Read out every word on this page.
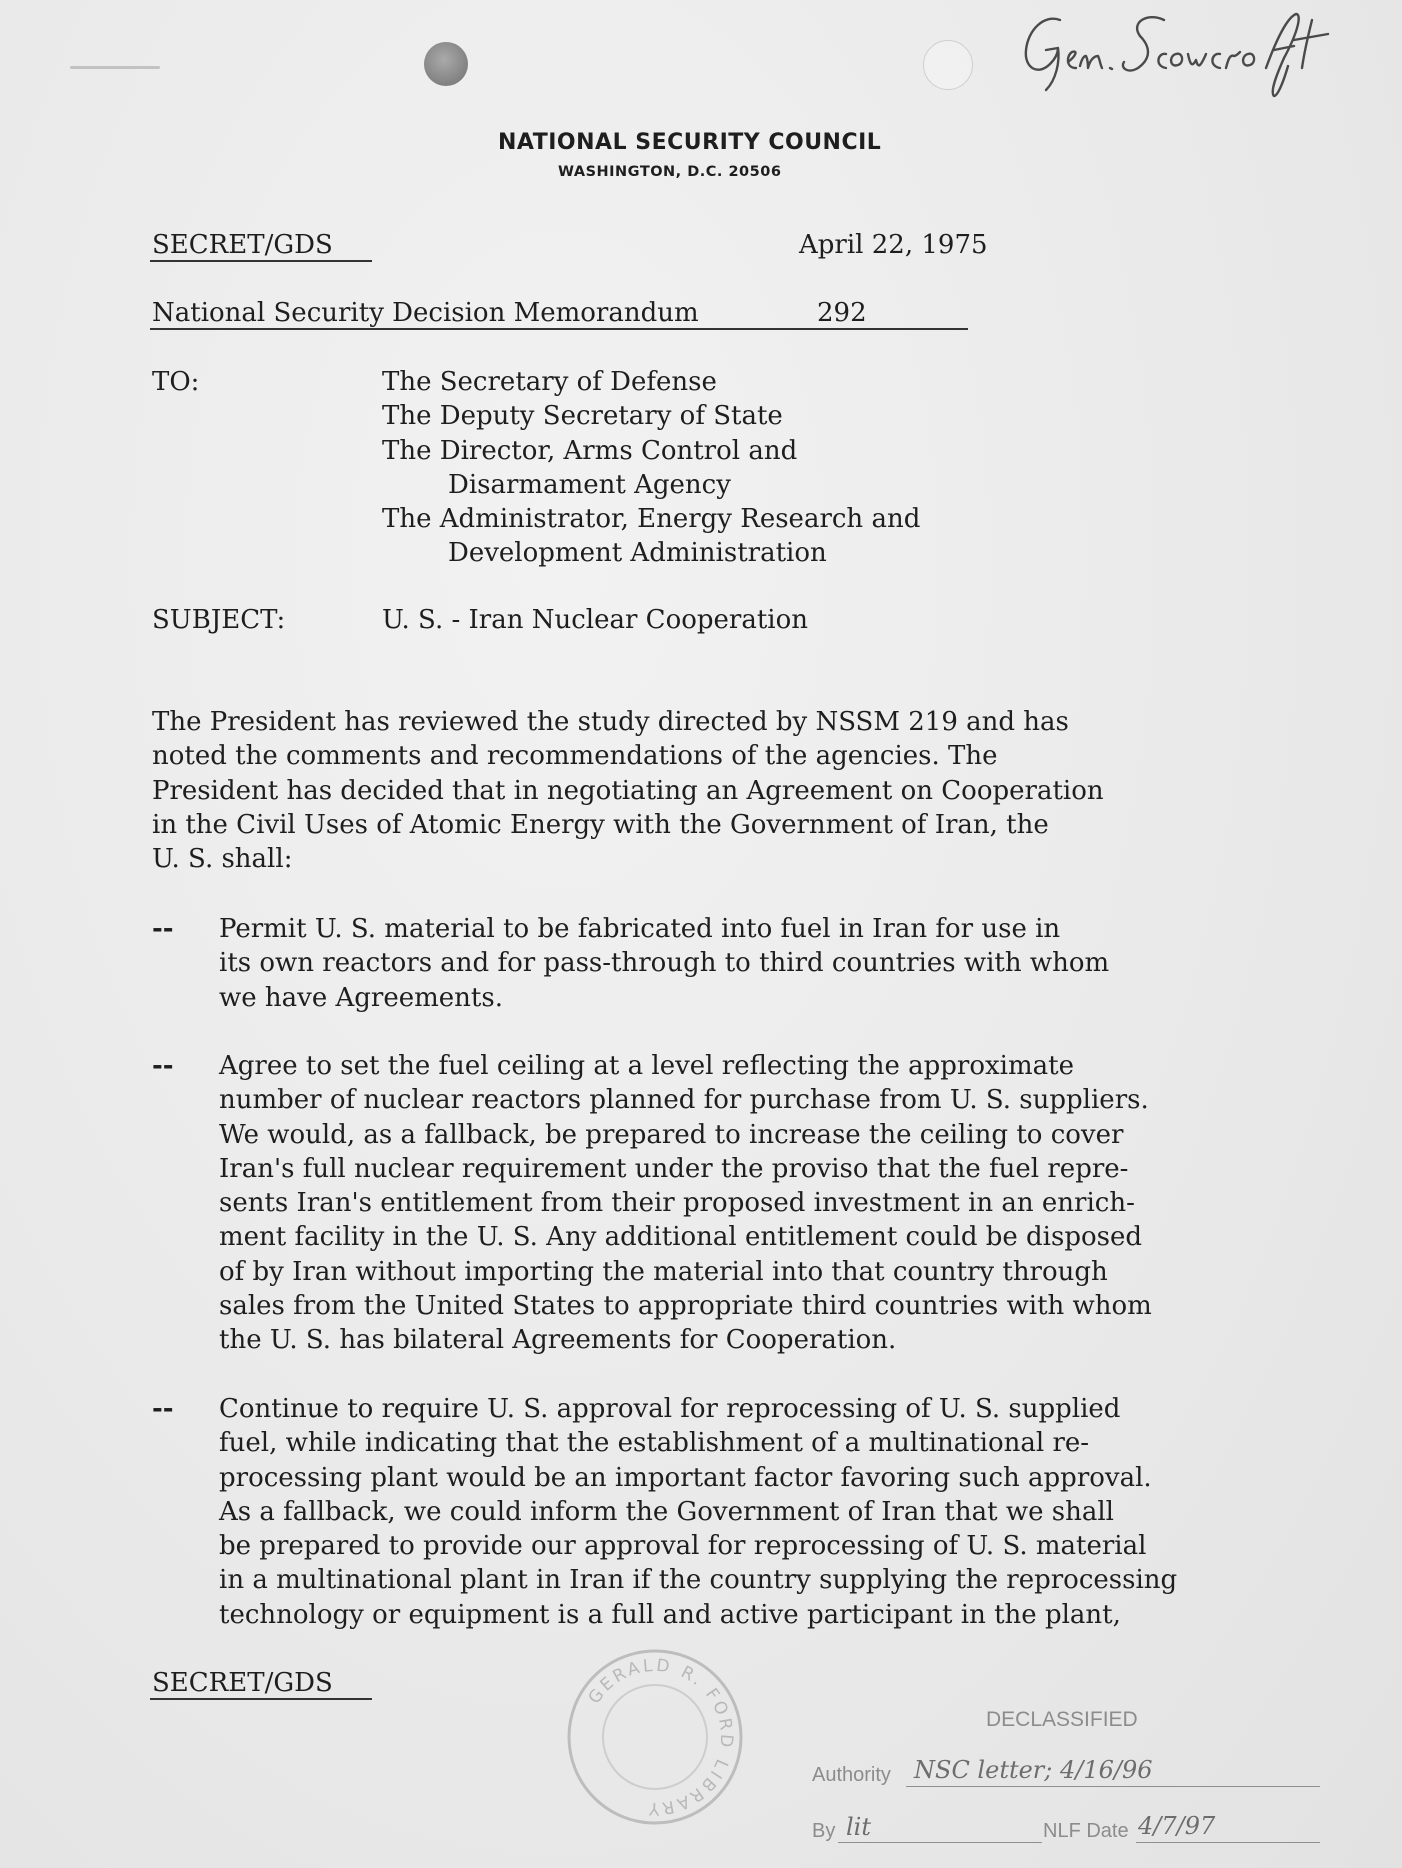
NATIONAL SECURITY COUNCIL
WASHINGTON, D.C. 20506
SECRET/GDS	April 22, 1975
National Security Decision Memorandum	292
TO:	The Secretary of Defense
The Deputy Secretary of State
The Director, Arms Control and
Disarmament Agency
The Administrator, Energy Research and
Development Administration
SUBJECT:	U. S. - Iran Nuclear Cooperation
The President has reviewed the study directed by NSSM 219 and has
noted the comments and recommendations of the agencies. The
President has decided that in negotiating an Agreement on Cooperation
in the Civil Uses of Atomic Energy with the Government of Iran, the
U. S. shall:
-- Permit U. S. material to be fabricated into fuel in Iran for use in
its own reactors and for pass-through to third countries with whom
we have Agreements.
-- Agree to set the fuel ceiling at a level reflecting the approximate
number of nuclear reactors planned for purchase from U. S. suppliers.
We would, as a fallback, be prepared to increase the ceiling to cover
Iran's full nuclear requirement under the proviso that the fuel repre-
sents Iran's entitlement from their proposed investment in an enrich-
ment facility in the U. S. Any additional entitlement could be disposed
of by Iran without importing the material into that country through
sales from the United States to appropriate third countries with whom
the U. S. has bilateral Agreements for Cooperation.
-- Continue to require U. S. approval for reprocessing of U. S. supplied
fuel, while indicating that the establishment of a multinational re-
processing plant would be an important factor favoring such approval.
As a fallback, we could inform the Government of Iran that we shall
be prepared to provide our approval for reprocessing of U. S. material
in a multinational plant in Iran if the country supplying the reprocessing
technology or equipment is a full and active participant in the plant,
SECRET/GDS	GERALD R. FORD LIBRARY
DECLASSIFIED
Authority NSC letter; 4/16/96
By lit	NLF Date 4/7/97
